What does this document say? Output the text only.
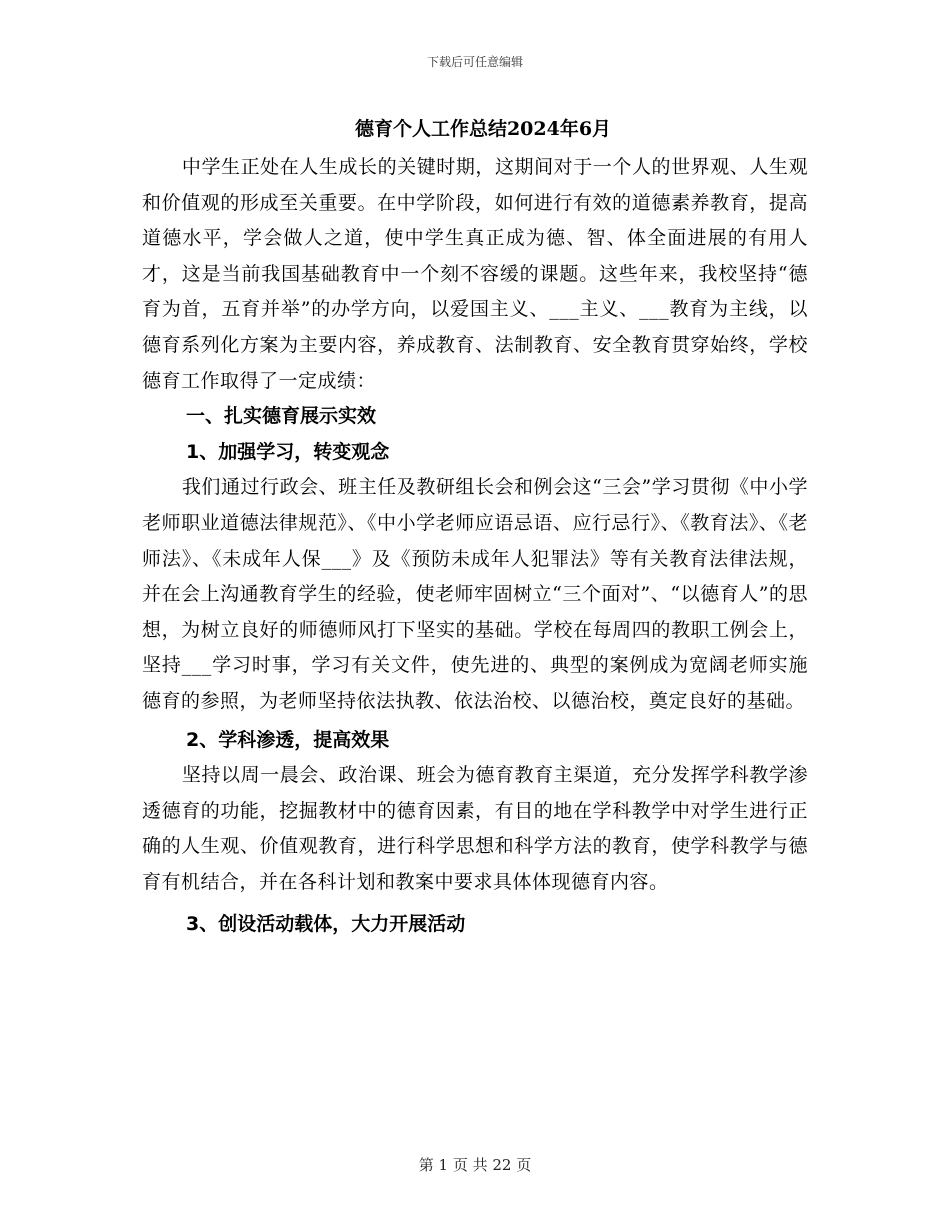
下载后可任意编辑
德育个人工作总结2024年6月

中学生正处在人生成长的关键时期，这期间对于一个人的世界观、人生观和价值观的形成至关重要。在中学阶段，如何进行有效的道德素养教育，提高道德水平，学会做人之道，使中学生真正成为德、智、体全面进展的有用人才，这是当前我国基础教育中一个刻不容缓的课题。这些年来，我校坚持“德育为首，五育并举”的办学方向，以爱国主义、___主义、___教育为主线，以德育系列化方案为主要内容，养成教育、法制教育、安全教育贯穿始终，学校德育工作取得了一定成绩：

一、扎实德育展示实效
1、加强学习，转变观念

我们通过行政会、班主任及教研组长会和例会这“三会”学习贯彻《中小学老师职业道德法律规范》、《中小学老师应语忌语、应行忌行》、《教育法》、《老师法》、《未成年人保___》及《预防未成年人犯罪法》等有关教育法律法规，并在会上沟通教育学生的经验，使老师牢固树立“三个面对”、“以德育人”的思想，为树立良好的师德师风打下坚实的基础。学校在每周四的教职工例会上，坚持___学习时事，学习有关文件，使先进的、典型的案例成为宽阔老师实施德育的参照，为老师坚持依法执教、依法治校、以德治校，奠定良好的基础。

2、学科渗透，提高效果

坚持以周一晨会、政治课、班会为德育教育主渠道，充分发挥学科教学渗透德育的功能，挖掘教材中的德育因素，有目的地在学科教学中对学生进行正确的人生观、价值观教育，进行科学思想和科学方法的教育，使学科教学与德育有机结合，并在各科计划和教案中要求具体体现德育内容。

3、创设活动载体，大力开展活动
第 1 页 共 22 页
